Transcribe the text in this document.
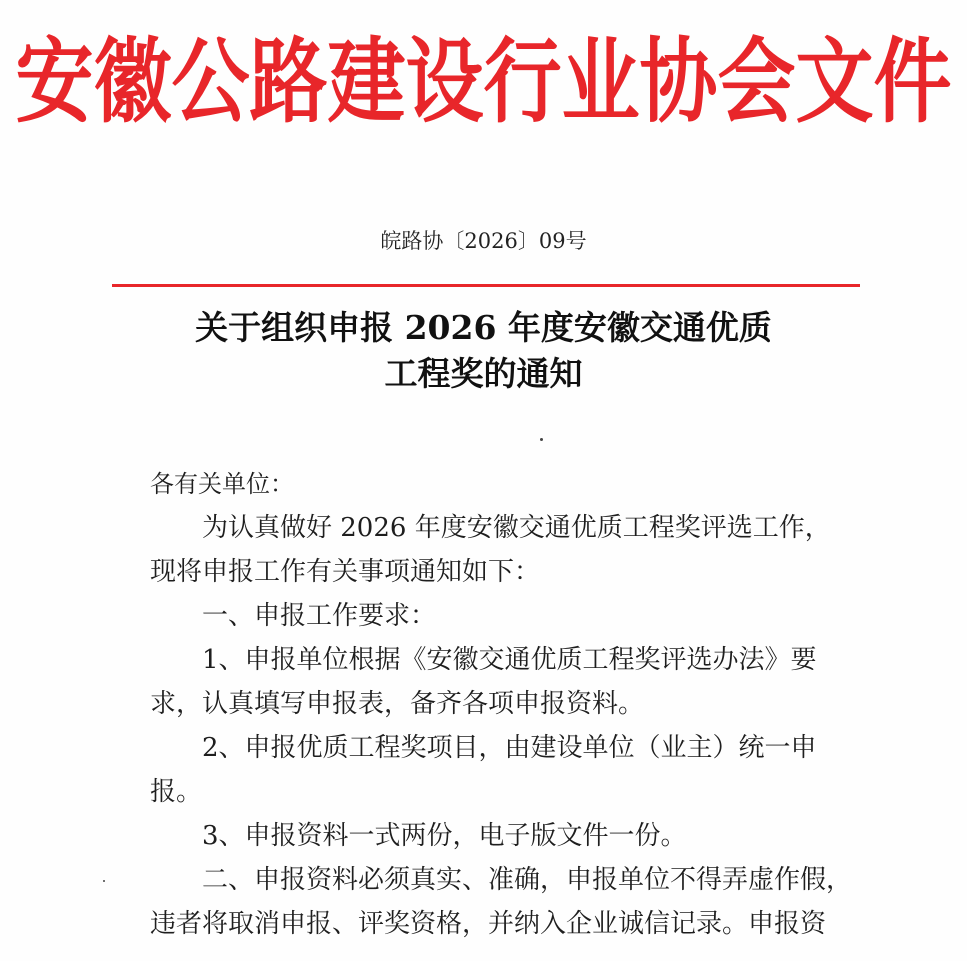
安徽公路建设行业协会文件
皖路协〔2026〕09号
关于组织申报 2026 年度安徽交通优质
工程奖的通知

各有关单位：

为认真做好 2026 年度安徽交通优质工程奖评选工作，

现将申报工作有关事项通知如下：

一、申报工作要求：

1、申报单位根据《安徽交通优质工程奖评选办法》要

求，认真填写申报表，备齐各项申报资料。

2、申报优质工程奖项目，由建设单位（业主）统一申

报。

3、申报资料一式两份，电子版文件一份。

二、申报资料必须真实、准确，申报单位不得弄虚作假，

违者将取消申报、评奖资格，并纳入企业诚信记录。申报资
